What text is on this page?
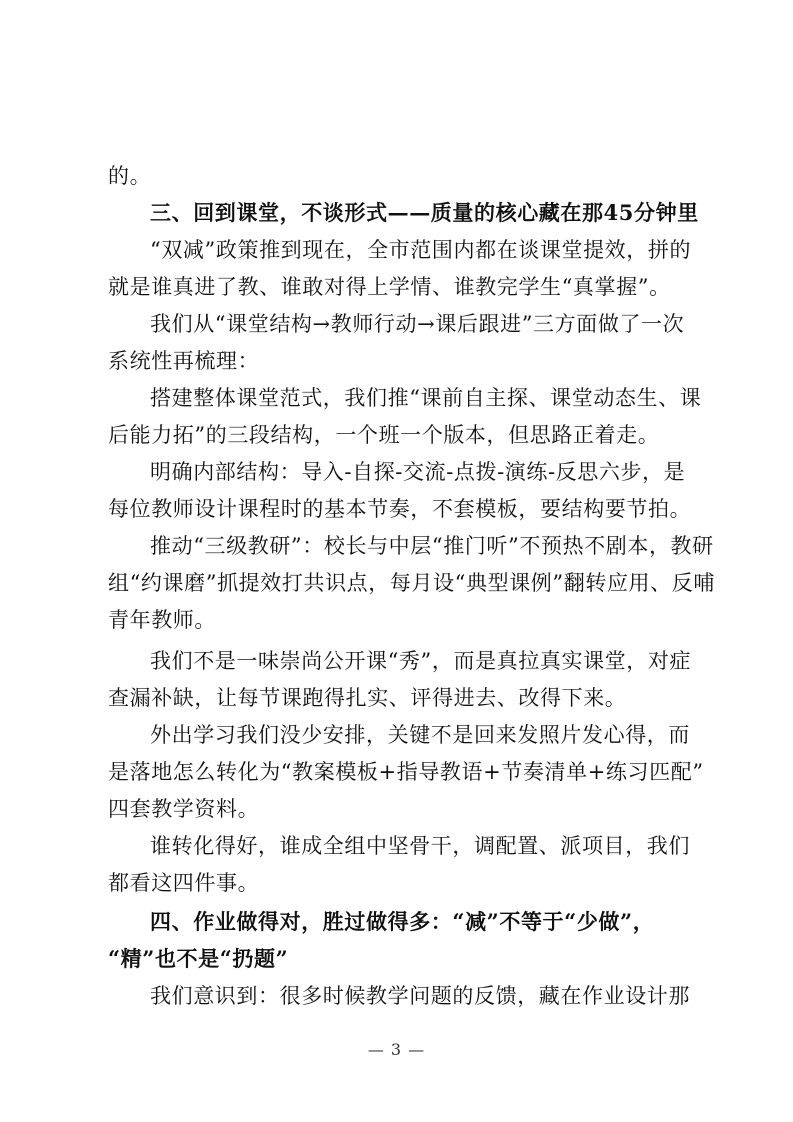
的。
三、回到课堂，不谈形式——质量的核心藏在那45分钟里
“双减”政策推到现在，全市范围内都在谈课堂提效，拼的
就是谁真进了教、谁敢对得上学情、谁教完学生“真掌握”。
我们从“课堂结构→教师行动→课后跟进”三方面做了一次
系统性再梳理：
搭建整体课堂范式，我们推“课前自主探、课堂动态生、课
后能力拓”的三段结构，一个班一个版本，但思路正着走。
明确内部结构：导入-自探-交流-点拨-演练-反思六步，是
每位教师设计课程时的基本节奏，不套模板，要结构要节拍。
推动“三级教研”：校长与中层“推门听”不预热不剧本，教研
组“约课磨”抓提效打共识点，每月设“典型课例”翻转应用、反哺
青年教师。
我们不是一味崇尚公开课“秀”，而是真拉真实课堂，对症
查漏补缺，让每节课跑得扎实、评得进去、改得下来。
外出学习我们没少安排，关键不是回来发照片发心得，而
是落地怎么转化为“教案模板+指导教语+节奏清单+练习匹配”
四套教学资料。
谁转化得好，谁成全组中坚骨干，调配置、派项目，我们
都看这四件事。
四、作业做得对，胜过做得多：“减”不等于“少做”，
“精”也不是“扔题”
我们意识到：很多时候教学问题的反馈，藏在作业设计那
— 3 —
